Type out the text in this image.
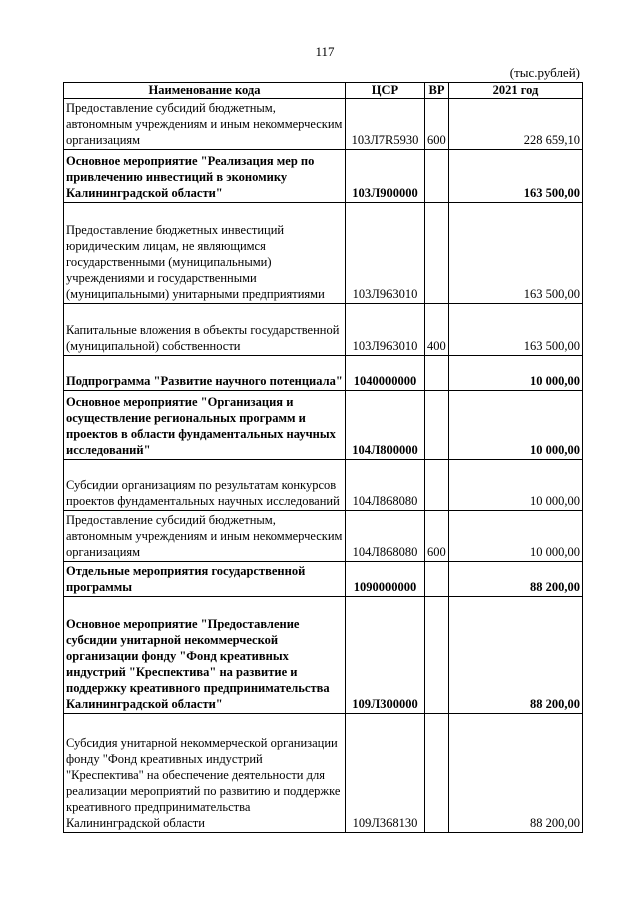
117
(тыс.рублей)
Наименование кода	ЦСР	ВР	2021 год
Предоставление субсидий бюджетным, автономным учреждениям и иным некоммерческим организациям	103Л7R5930	600	228 659,10
Основное мероприятие "Реализация мер по привлечению инвестиций в экономику Калининградской области"	103Л900000		163 500,00
Предоставление бюджетных инвестиций юридическим лицам, не являющимся государственными (муниципальными) учреждениями и государственными (муниципальными) унитарными предприятиями	103Л963010		163 500,00
Капитальные вложения в объекты государственной (муниципальной) собственности	103Л963010	400	163 500,00
Подпрограмма "Развитие научного потенциала"	1040000000		10 000,00
Основное мероприятие "Организация и осуществление региональных программ и проектов в области фундаментальных научных исследований"	104Л800000		10 000,00
Субсидии организациям по результатам конкурсов проектов фундаментальных научных исследований	104Л868080		10 000,00
Предоставление субсидий бюджетным, автономным учреждениям и иным некоммерческим организациям	104Л868080	600	10 000,00
Отдельные мероприятия государственной программы	1090000000		88 200,00
Основное мероприятие "Предоставление субсидии унитарной некоммерческой организации фонду "Фонд креативных индустрий "Креспектива" на развитие и поддержку креативного предпринимательства Калининградской области"	109Л300000		88 200,00
Субсидия унитарной некоммерческой организации фонду "Фонд креативных индустрий "Креспектива" на обеспечение деятельности для реализации мероприятий по развитию и поддержке креативного предпринимательства Калининградской области	109Л368130		88 200,00
